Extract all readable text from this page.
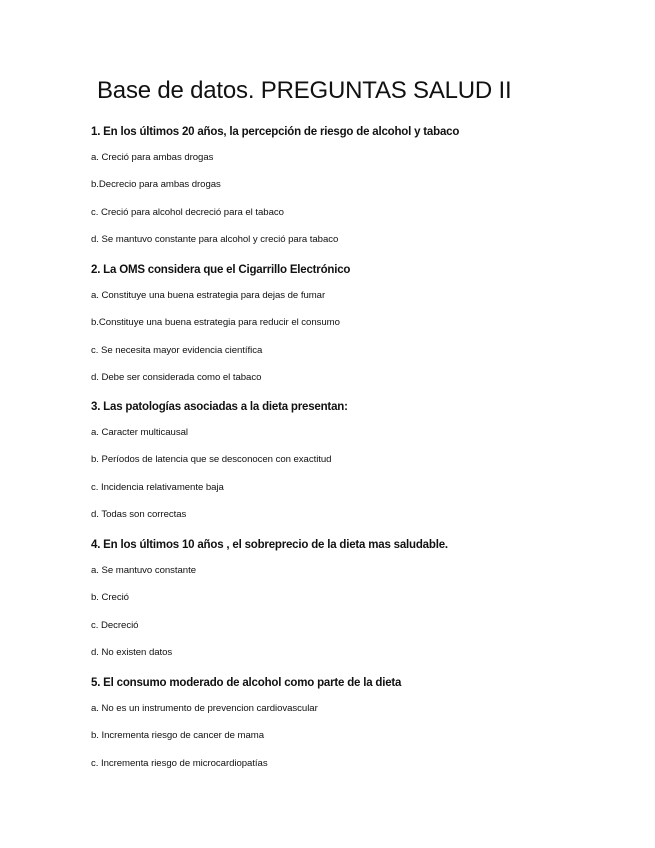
Base de datos. PREGUNTAS SALUD II
1. En los últimos 20 años, la percepción de riesgo de alcohol y tabaco
a. Creció para ambas drogas
b.Decrecio para ambas drogas
c. Creció para alcohol decreció para el tabaco
d. Se mantuvo constante para alcohol y creció para tabaco
2. La OMS considera que el Cigarrillo Electrónico
a. Constituye una buena estrategia para dejas de fumar
b.Constituye una buena estrategia para reducir el consumo
c. Se necesita mayor evidencia científica
d. Debe ser considerada como el tabaco
3. Las patologías asociadas a la dieta presentan:
a. Caracter multicausal
b. Períodos de latencia que se desconocen con exactitud
c. Incidencia relativamente baja
d. Todas son correctas
4. En los últimos 10 años , el sobreprecio de la dieta mas saludable.
a. Se mantuvo constante
b. Creció
c. Decreció
d. No existen datos
5. El consumo moderado de alcohol como parte de la dieta
a. No es un instrumento de prevencion cardiovascular
b. Incrementa riesgo de cancer de mama
c. Incrementa riesgo de microcardiopatías
